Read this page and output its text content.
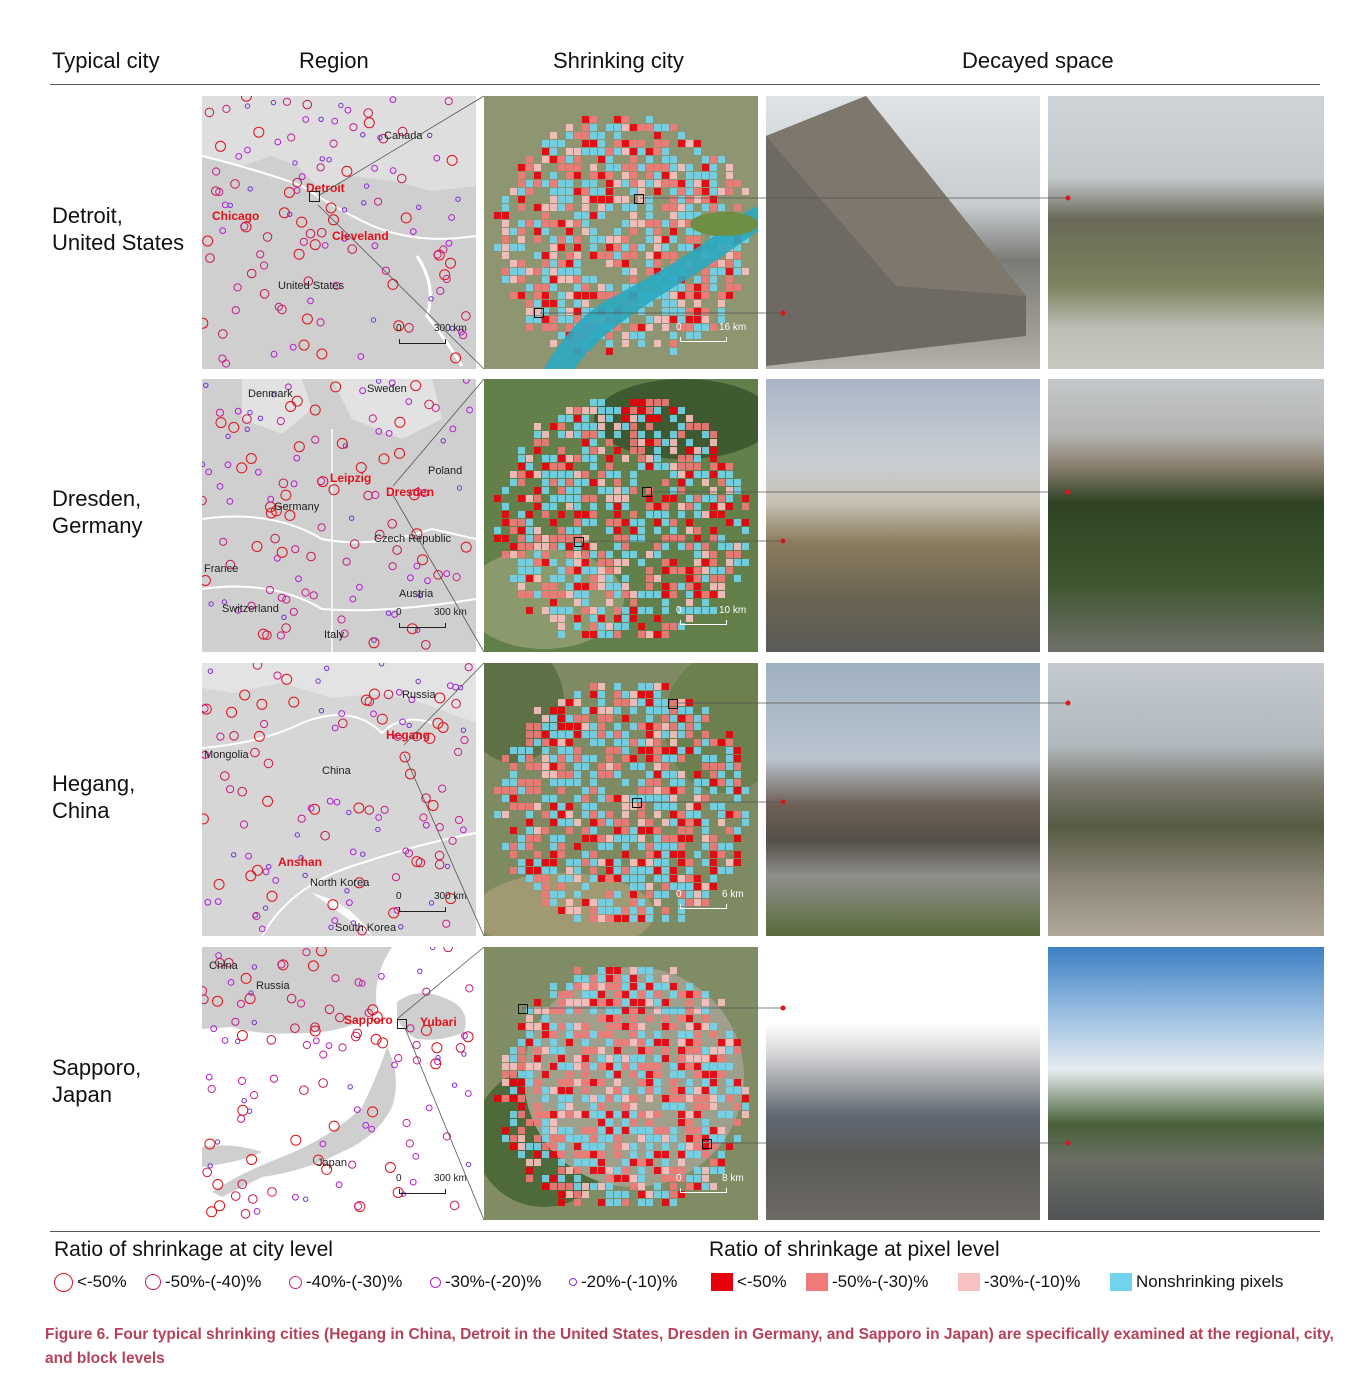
Typical city	Region	Shrinking city	Decayed space
Detroit,
United States
Dresden,
Germany
Hegang,
China
Sapporo,
Japan
Canada
United States
Detroit
Chicago
Cleveland
0	300 km	0	16 km
Sweden
Denmark
Poland
Germany
Czech Republic
France
Austria
Switzerland
Italy
Leipzig
Dresden
0	300 km	0	10 km
Russia
Mongolia
China
North Korea
South Korea
Hegang
Anshan
0	300 km	0	6 km
China
Russia
Japan
Sapporo Yubari
0	300 km	0	8 km
Ratio of shrinkage at city level	Ratio of shrinkage at pixel level
<-50% -50%-(-40)%	-40%-(-30)%	-30%-(-20)% -20%-(-10)%	<-50%	-50%-(-30)%	-30%-(-10)%	Nonshrinking pixels
Figure 6. Four typical shrinking cities (Hegang in China, Detroit in the United States, Dresden in Germany, and Sapporo in Japan) are specifically examined at the regional, city, and block levels
